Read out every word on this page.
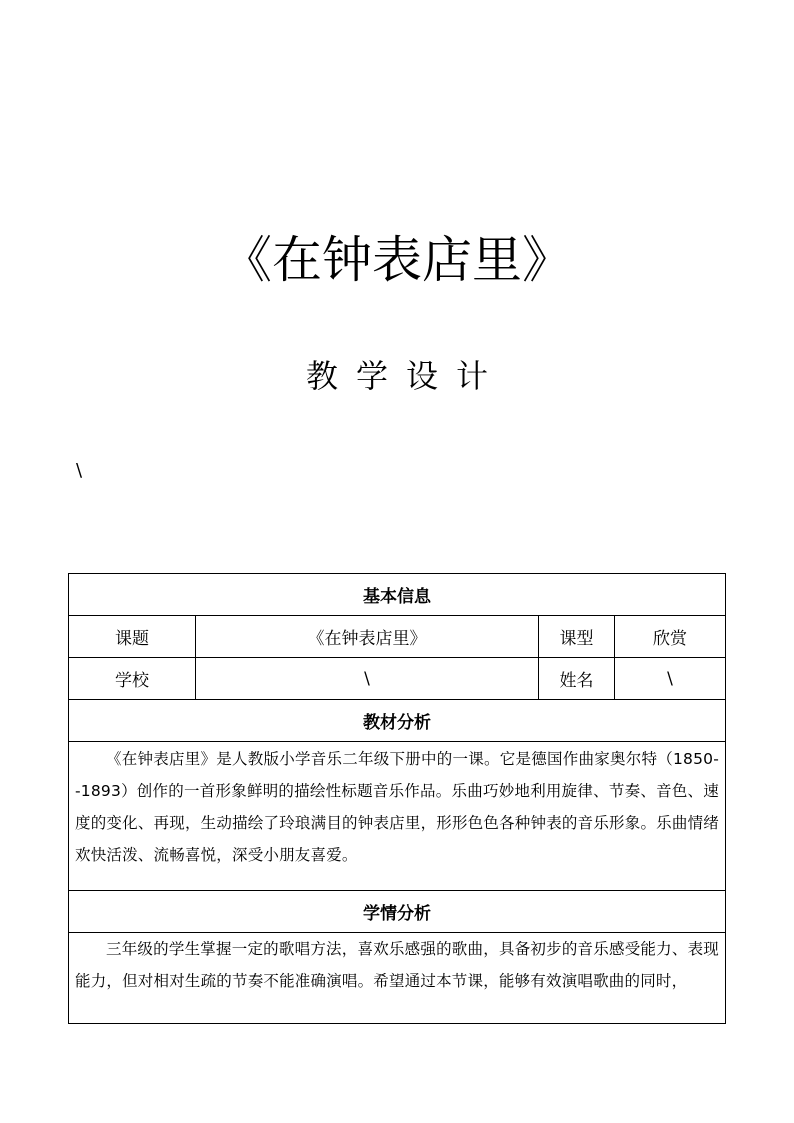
《在钟表店里》
教学设计
\
基本信息			
课题	《在钟表店里》	课型	欣赏
学校	\	姓名	\
教材分析			

《在钟表店里》是人教版小学音乐二年级下册中的一课。它是德国作曲家奥尔特（1850--1893）创作的一首形象鲜明的描绘性标题音乐作品。乐曲巧妙地利用旋律、节奏、音色、速度的变化、再现，生动描绘了玲琅满目的钟表店里，形形色色各种钟表的音乐形象。乐曲情绪欢快活泼、流畅喜悦，深受小朋友喜爱。			

学情分析			

三年级的学生掌握一定的歌唱方法，喜欢乐感强的歌曲，具备初步的音乐感受能力、表现能力，但对相对生疏的节奏不能准确演唱。希望通过本节课，能够有效演唱歌曲的同时，			
